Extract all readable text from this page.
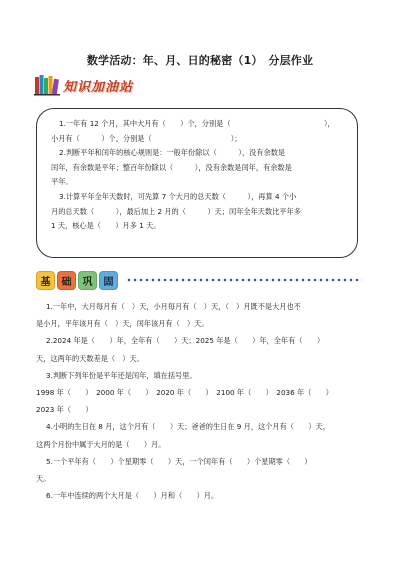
数学活动：年、月、日的秘密（1）　分层作业
知识加油站

1.一年有 12 个月，其中大月有（　　）个，分别是（　　　　　　　　　　　　　），

小月有（　　　）个，分别是（　　　　　　　　　　　）；

2.判断平年和闰年的核心规则是：一般年份除以（　　　），没有余数是

闰年，有余数是平年；整百年份除以（　　　），没有余数是闰年，有余数是

平年。

3.计算平年全年天数时，可先算 7 个大月的总天数（　　　），再算 4 个小

月的总天数（　　　），最后加上 2 月的（　　　）天；闰年全年天数比平年多

1 天，核心是（　　）月多 1 天。

基	础	巩	固

1.一年中，大月每月有（　）天，小月每月有（　）天，（　）月既不是大月也不

是小月，平年该月有（　）天，闰年该月有（　）天。

2.2024 年是（　　）年，全年有（　　）天；2025 年是（　　）年，全年有（　　）

天，这两年的天数差是（　）天。

3.判断下列年份是平年还是闰年，填在括号里。

1998 年（　　）　2000 年（　　）　2020 年（　　）　2100 年（　　）　2036 年（　　）

2023 年（　　）

4.小明的生日在 8 月，这个月有（　　）天；爸爸的生日在 9 月，这个月有（　　）天，

这两个月份中属于大月的是（　　）月。

5.一个平年有（　　）个星期零（　　）天，一个闰年有（　　）个星期零（　　）

天。

6.一年中连续的两个大月是（　　）月和（　　）月。
